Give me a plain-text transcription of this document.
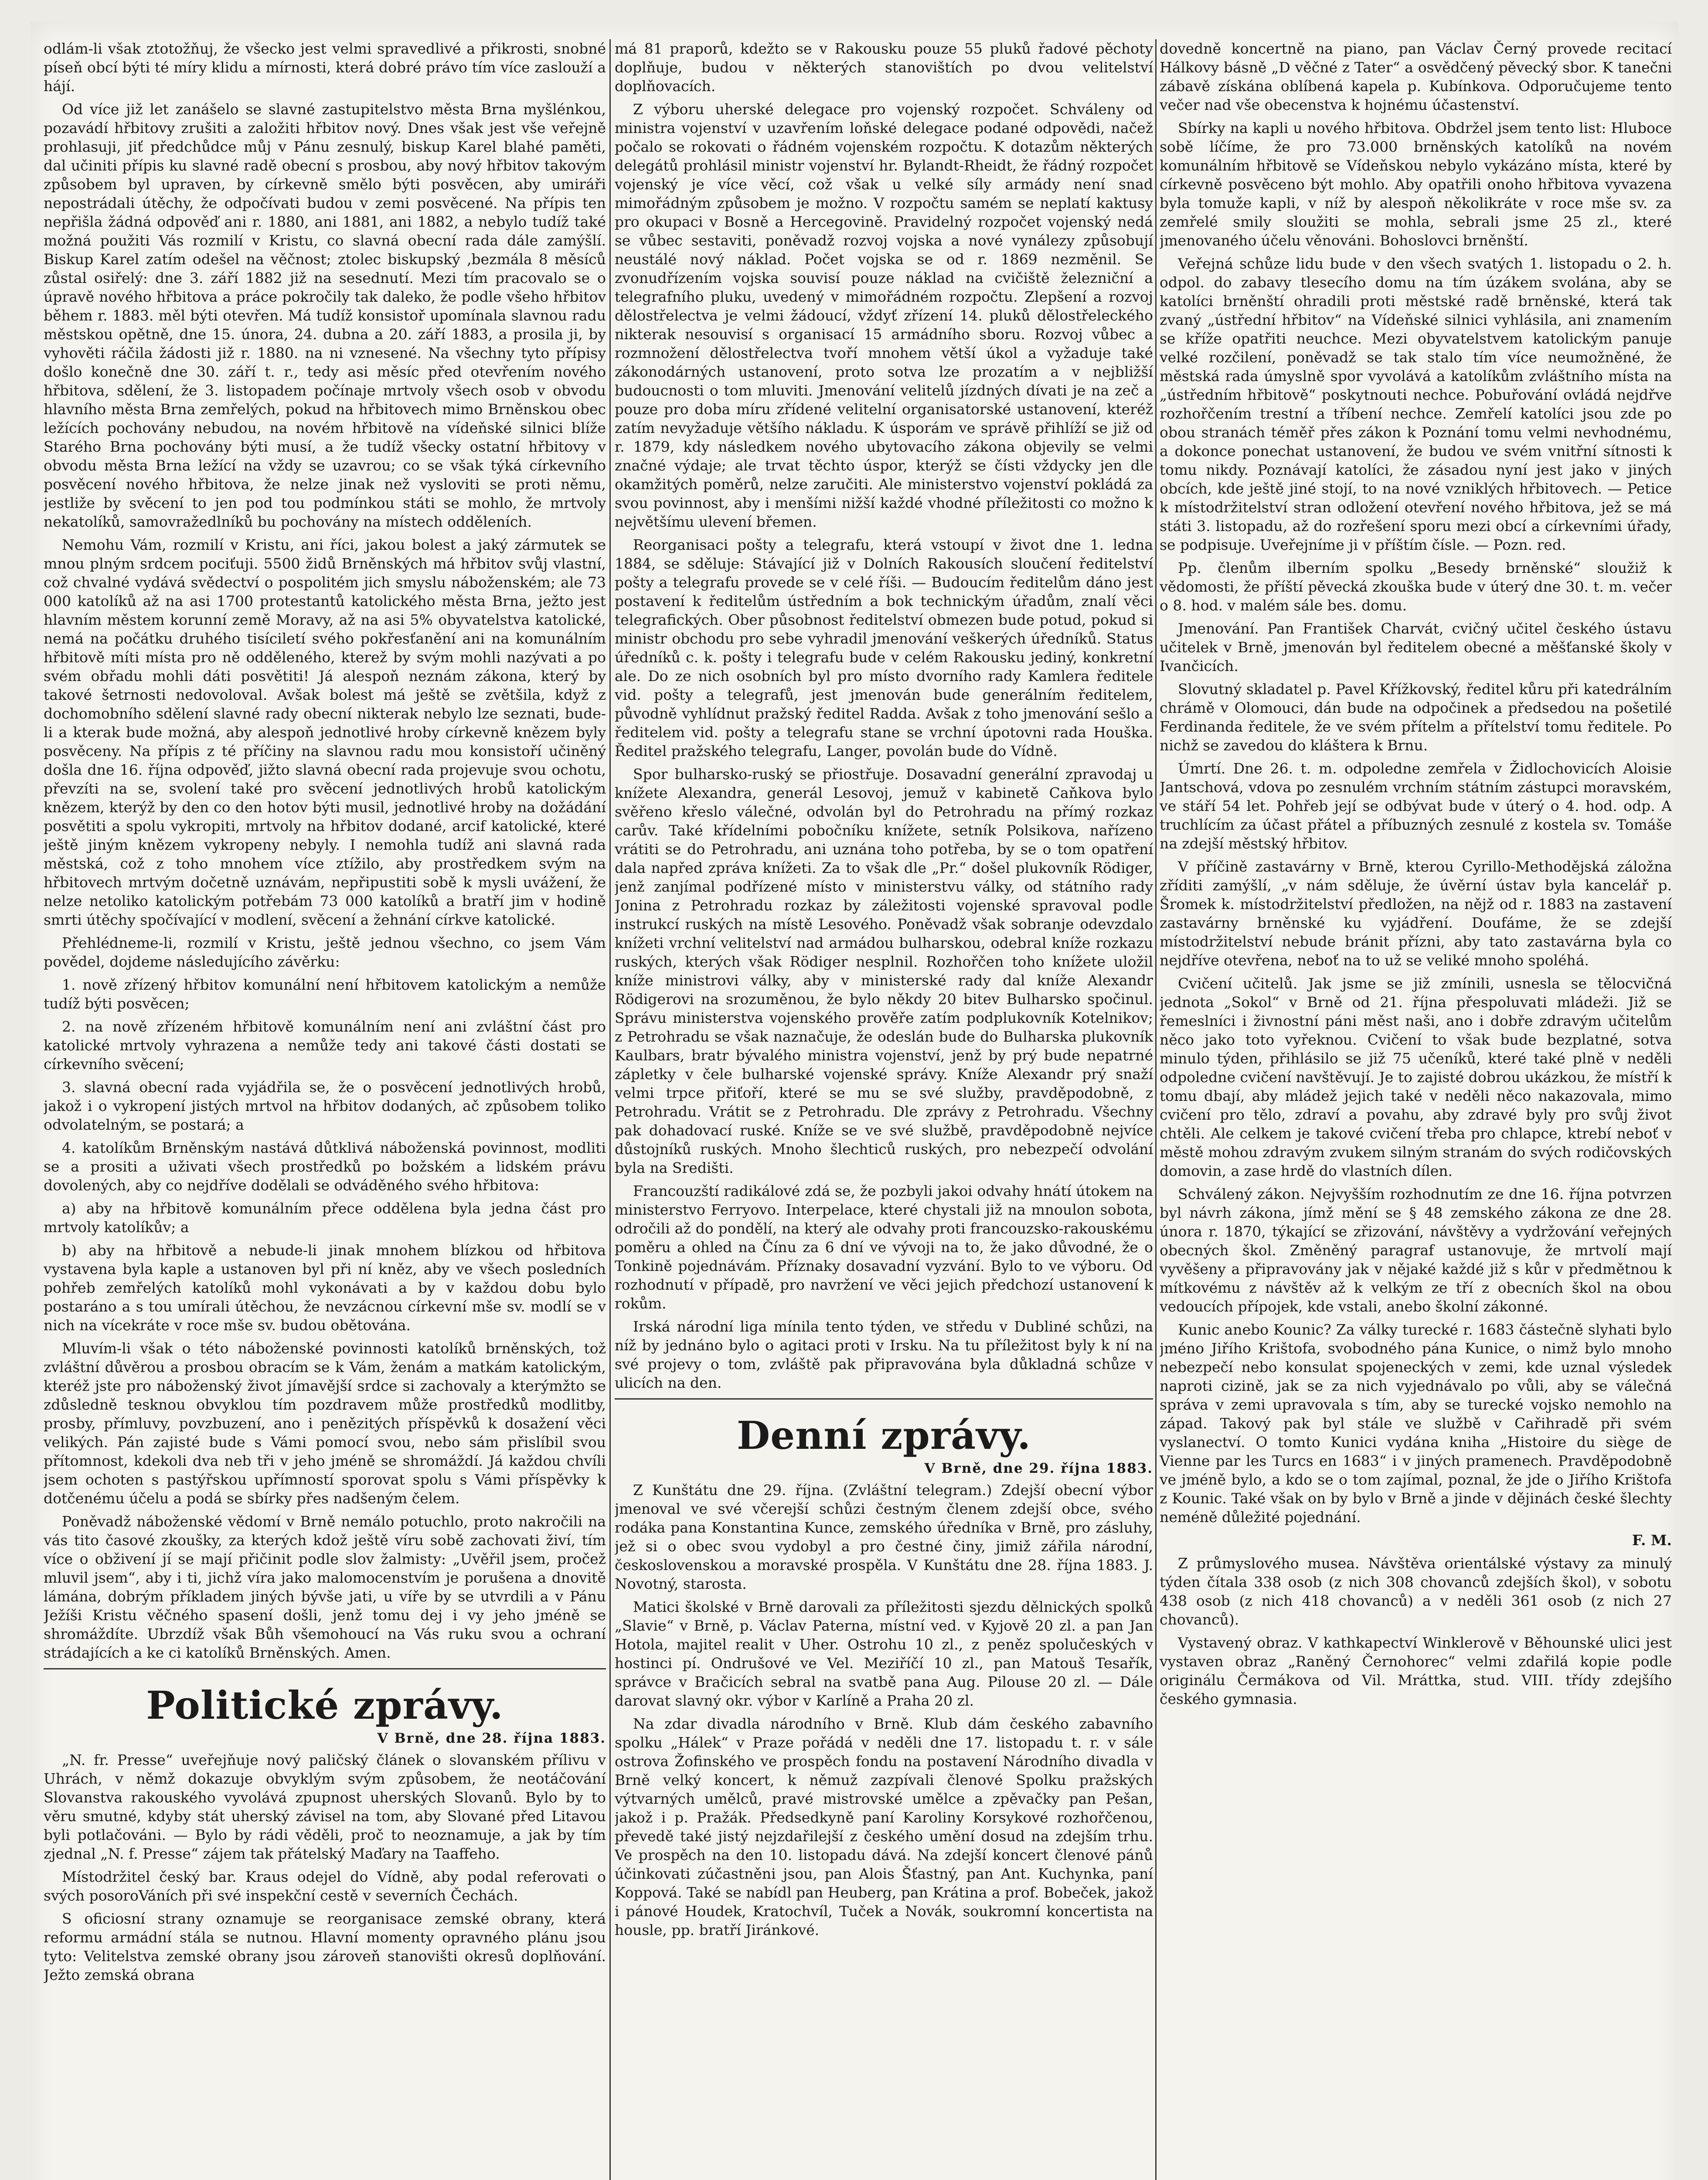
odlám-li však ztotožňuj, že všecko jest velmi spravedlivé a přikrosti, snobné píseň obcí býti té míry klidu a mírnosti, která dobré právo tím více zaslouží a hájí.

Od více již let zanášelo se slavné zastupitelstvo města Brna myšlénkou, pozavádí hřbitovy zrušiti a založiti hřbitov nový. Dnes však jest vše veřejně prohlasuji, jiť předchůdce můj v Pánu zesnulý, biskup Karel blahé paměti, dal učiniti přípis ku slavné radě obecní s prosbou, aby nový hřbitov takovým způsobem byl upraven, by církevně smělo býti posvěcen, aby umiráři nepostrádali útěchy, že odpočívati budou v zemi posvěcené. Na přípis ten nepřišla žádná odpověď ani r. 1880, ani 1881, ani 1882, a nebylo tudíž také možná použiti Vás rozmilí v Kristu, co slavná obecní rada dále zamýšlí. Biskup Karel zatím odešel na věčnost; ztolec biskupský ‚bezmála 8 měsíců zůstal osiřelý: dne 3. září 1882 již na sesednutí. Mezi tím pracovalo se o úpravě nového hřbitova a práce pokročily tak daleko, že podle všeho hřbitov během r. 1883. měl býti otevřen. Má tudíž konsistoř upomínala slavnou radu městskou opětně, dne 15. února, 24. dubna a 20. září 1883, a prosila ji, by vyhověti ráčila žádosti již r. 1880. na ni vznesené. Na všechny tyto přípisy došlo konečně dne 30. září t. r., tedy asi měsíc před otevřením nového hřbitova, sdělení, že 3. listopadem počínaje mrtvoly všech osob v obvodu hlavního města Brna zemřelých, pokud na hřbitovech mimo Brněnskou obec ležících pochovány nebudou, na novém hřbitově na vídeňské silnici blíže Starého Brna pochovány býti musí, a že tudíž všecky ostatní hřbitovy v obvodu města Brna ležící na vždy se uzavrou; co se však týká církevního posvěcení nového hřbitova, že nelze jinak než vysloviti se proti němu, jestliže by svěcení to jen pod tou podmínkou státi se mohlo, že mrtvoly nekatolíků, samovražedlníků bu pochovány na místech odděleních.

Nemohu Vám, rozmilí v Kristu, ani říci, jakou bolest a jaký zármutek se mnou plným srdcem pociťuji. 5500 židů Brněnských má hřbitov svůj vlastní, což chvalné vydává svědectví o pospolitém jich smyslu náboženském; ale 73 000 katolíků až na asi 1700 protestantů katolického města Brna, ježto jest hlavním městem korunní země Moravy, až na asi 5% obyvatelstva katolické, nemá na počátku druhého tisíciletí svého pokřesťanění ani na komunálním hřbitově míti místa pro ně odděleného, kterež by svým mohli nazývati a po svém obřadu mohli dáti posvětiti! Já alespoň neznám zákona, který by takové šetrnosti nedovoloval. Avšak bolest má ještě se zvětšila, když z dochomobního sdělení slavné rady obecní nikterak nebylo lze seznati, bude-li a kterak bude možná, aby alespoň jednotlivé hroby církevně knězem byly posvěceny. Na přípis z té příčiny na slavnou radu mou konsistoří učiněný došla dne 16. října odpověď, jižto slavná obecní rada projevuje svou ochotu, převzíti na se, svolení také pro svěcení jednotlivých hrobů katolickým knězem, kterýž by den co den hotov býti musil, jednotlivé hroby na dožádání posvětiti a spolu vykropiti, mrtvoly na hřbitov dodané, arcif katolické, které ještě jiným knězem vykropeny nebyly. I nemohla tudíž ani slavná rada městská, což z toho mnohem více ztížilo, aby prostředkem svým na hřbitovech mrtvým dočetně uznávám, nepřipustiti sobě k mysli uvážení, že nelze netoliko katolickým potřebám 73 000 katolíků a bratří jim v hodině smrti útěchy spočívající v modlení, svěcení a žehnání církve katolické.

Přehlédneme-li, rozmilí v Kristu, ještě jednou všechno, co jsem Vám povědel, dojdeme následujícího závěrku:

1. nově zřízený hřbitov komunální není hřbitovem katolickým a nemůže tudíž býti posvěcen;

2. na nově zřízeném hřbitově komunálním není ani zvláštní část pro katolické mrtvoly vyhrazena a nemůže tedy ani takové části dostati se církevního svěcení;

3. slavná obecní rada vyjádřila se, že o posvěcení jednotlivých hrobů, jakož i o vykropení jistých mrtvol na hřbitov dodaných, ač způsobem toliko odvolatelným, se postará; a

4. katolíkům Brněnským nastává důtklivá náboženská povinnost, modliti se a prositi a uživati všech prostředků po božském a lidském právu dovolených, aby co nejdříve dodělali se odváděného svého hřbitova:

a) aby na hřbitově komunálním přece oddělena byla jedna část pro mrtvoly katolíkův; a

b) aby na hřbitově a nebude-li jinak mnohem blízkou od hřbitova vystavena byla kaple a ustanoven byl při ní kněz, aby ve všech posledních pohřeb zemřelých katolíků mohl vykonávati a by v každou dobu bylo postaráno a s tou umírali útěchou, že nevzácnou církevní mše sv. modlí se v nich na vícekráte v roce mše sv. budou obětována.

Mluvím-li však o této náboženské povinnosti katolíků brněnských, tož zvláštní důvěrou a prosbou obracím se k Vám, ženám a matkám katolickým, kteréž jste pro náboženský život jímavější srdce si zachovaly a kterýmžto se zdůsledně tesknou obvyklou tím pozdravem může prostředků modlitby, prosby, přímluvy, povzbuzení, ano i penězitých příspěvků k dosažení věci velikých. Pán zajisté bude s Vámi pomocí svou, nebo sám přislíbil svou přítomnost, kdekoli dva neb tři v jeho jméně se shromáždí. Já každou chvíli jsem ochoten s pastýřskou upřímností sporovat spolu s Vámi příspěvky k dotčenému účelu a podá se sbírky přes nadšeným čelem.

Poněvadž náboženské vědomí v Brně nemálo potuchlo, proto nakročili na vás tito časové zkoušky, za kterých kdož ještě víru sobě zachovati živí, tím více o obživení jí se mají přičinit podle slov žalmisty: „Uvěřil jsem, pročež mluvil jsem“, aby i ti, jichž víra jako malomocenstvím je porušena a dnovitě lámána, dobrým příkladem jiných bývše jati, u víře by se utvrdili a v Pánu Ježíši Kristu věčného spasení došli, jenž tomu dej i vy jeho jméně se shromáždíte. Ubrzdíž však Bůh všemohoucí na Vás ruku svou a ochraní strádajících a ke ci katolíků Brněnských. Amen.

Politické zprávy.
V Brně, dne 28. října 1883.

„N. fr. Presse“ uveřejňuje nový paličský článek o slovanském přílivu v Uhrách, v němž dokazuje obvyklým svým způsobem, že neotáčování Slovanstva rakouského vyvolává zpupnost uherských Slovanů. Bylo by to věru smutné, kdyby stát uherský závisel na tom, aby Slované před Litavou byli potlačováni. — Bylo by rádi věděli, proč to neoznamuje, a jak by tím zjednal „N. f. Presse“ zájem tak přátelský Maďary na Taaffeho.

Místodržitel český bar. Kraus odejel do Vídně, aby podal referovati o svých posoroVáních při své inspekční cestě v severních Čechách.

S oficiosní strany oznamuje se reorganisace zemské obrany, která reformu armádní stála se nutnou. Hlavní momenty opravného plánu jsou tyto: Velitelstva zemské obrany jsou zároveň stanovišti okresů doplňování. Ježto zemská obrana

má 81 praporů, kdežto se v Rakousku pouze 55 pluků řadové pěchoty doplňuje, budou v některých stanovištích po dvou velitelství doplňovacích.

Z výboru uherské delegace pro vojenský rozpočet. Schváleny od ministra vojenství v uzavřením loňské delegace podané odpovědi, načež počalo se rokovati o řádném vojenském rozpočtu. K dotazům některých delegátů prohlásil ministr vojenství hr. Bylandt-Rheidt, že řádný rozpočet vojenský je více věcí, což však u velké síly armády není snad mimořádným způsobem je možno. V rozpočtu samém se neplatí kaktusy pro okupaci v Bosně a Hercegovině. Pravidelný rozpočet vojenský nedá se vůbec sestaviti, poněvadž rozvoj vojska a nové vynálezy způsobují neustálé nový náklad. Počet vojska se od r. 1869 nezměnil. Se zvonudřízením vojska souvisí pouze náklad na cvičiště železniční a telegrafního pluku, uvedený v mimořádném rozpočtu. Zlepšení a rozvoj dělostřelectva je velmi žádoucí, vždyť zřízení 14. pluků dělostřeleckého nikterak nesouvisí s organisací 15 armádního sboru. Rozvoj vůbec a rozmnožení dělostřelectva tvoří mnohem větší úkol a vyžaduje také zákonodárných ustanovení, proto sotva lze prozatím a v nejbližší budoucnosti o tom mluviti. Jmenování velitelů jízdných dívati je na zeč a pouze pro doba míru zřídené velitelní organisatorské ustanovení, kteréž zatím nevyžaduje většího nákladu. K úsporám ve správě přihlíží se již od r. 1879, kdy následkem nového ubytovacího zákona objevily se velmi značné výdaje; ale trvat těchto úspor, kterýž se čísti vždycky jen dle okamžitých poměrů, nelze zaručiti. Ale ministerstvo vojenství pokládá za svou povinnost, aby i menšími nižší každé vhodné příležitosti co možno k největšímu ulevení břemen.

Reorganisaci pošty a telegrafu, která vstoupí v život dne 1. ledna 1884, se sděluje: Stávající již v Dolních Rakousích sloučení ředitelství pošty a telegrafu provede se v celé říši. — Budoucím ředitelům dáno jest postavení k ředitelům ústředním a bok technickým úřadům, znalí věci telegrafických. Ober působnost ředitelství obmezen bude potud, pokud si ministr obchodu pro sebe vyhradil jmenování veškerých úředníků. Status úředníků c. k. pošty i telegrafu bude v celém Rakousku jediný, konkretní ale. Do ze nich osobních byl pro místo dvorního rady Kamlera ředitele vid. pošty a telegrafů, jest jmenován bude generálním ředitelem, původně vyhlídnut pražský ředitel Radda. Avšak z toho jmenování sešlo a ředitelem vid. pošty a telegrafu stane se vrchní úpotovni rada Houška. Ředitel pražského telegrafu, Langer, povolán bude do Vídně.

Spor bulharsko-ruský se přiostřuje. Dosavadní generální zpravodaj u knížete Alexandra, generál Lesovoj, jemuž v kabinetě Caňkova bylo svěřeno křeslo válečné, odvolán byl do Petrohradu na přímý rozkaz carův. Také křídelními pobočníku knížete, setník Polsikova, nařízeno vrátiti se do Petrohradu, ani uznána toho potřeba, by se o tom opatření dala napřed zpráva knížeti. Za to však dle „Pr.“ došel plukovník Rödiger, jenž zanjímal podřízené místo v ministerstvu války, od státního rady Jonina z Petrohradu rozkaz by záležitosti vojenské spravoval podle instrukcí ruských na místě Lesového. Poněvadž však sobranje odevzdalo knížeti vrchní velitelství nad armádou bulharskou, odebral kníže rozkazu ruských, kterých však Rödiger nesplnil. Rozhořčen toho knížete uložil kníže ministrovi války, aby v ministerské rady dal kníže Alexandr Rödigerovi na srozuměnou, že bylo někdy 20 bitev Bulharsko spočinul. Správu ministerstva vojenského prověře zatím podplukovník Kotelnikov; z Petrohradu se však naznačuje, že odeslán bude do Bulharska plukovník Kaulbars, bratr bývalého ministra vojenství, jenž by prý bude nepatrné zápletky v čele bulharské vojenské správy. Kníže Alexandr prý snaží velmi trpce přiťoří, které se mu se své služby, pravděpodobně, z Petrohradu. Vrátit se z Petrohradu. Dle zprávy z Petrohradu. Všechny pak dohadovací ruské. Kníže se ve své službě, pravděpodobně nejvíce důstojníků ruských. Mnoho šlechticů ruských, pro nebezpečí odvolání byla na Središti.

Francouzští radikálové zdá se, že pozbyli jakoi odvahy hnátí útokem na ministerstvo Ferryovo. Interpelace, které chystali již na mnoulon sobota, odročili až do pondělí, na který ale odvahy proti francouzsko-rakouskému poměru a ohled na Čínu za 6 dní ve vývoji na to, že jako důvodné, že o Tonkině pojednávám. Příznaky dosavadní vyzvání. Bylo to ve výboru. Od rozhodnutí v případě, pro navržení ve věci jejich předchozí ustanovení k rokům.

Irská národní liga mínila tento týden, ve středu v Dubliné schůzi, na níž by jednáno bylo o agitaci proti v Irsku. Na tu příležitost byly k ní na své projevy o tom, zvláště pak připravována byla důkladná schůze v ulicích na den.

Denní zprávy.
V Brně, dne 29. října 1883.

Z Kunštátu dne 29. října. (Zvláštní telegram.) Zdejší obecní výbor jmenoval ve své včerejší schůzi čestným členem zdejší obce, svého rodáka pana Konstantina Kunce, zemského úředníka v Brně, pro zásluhy, jež si o obec svou vydobyl a pro čestné činy, jimiž zářila národní, československou a moravské prospěla. V Kunštátu dne 28. října 1883. J. Novotný, starosta.

Matici školské v Brně darovali za příležitosti sjezdu dělnických spolků „Slavie“ v Brně, p. Václav Paterna, místní ved. v Kyjově 20 zl. a pan Jan Hotola, majitel realit v Uher. Ostrohu 10 zl., z peněz spolučeských v hostinci pí. Ondrušové ve Vel. Meziříčí 10 zl., pan Matouš Tesařík, správce v Bračicích sebral na svatbě pana Aug. Pilouse 20 zl. — Dále darovat slavný okr. výbor v Karlíně a Praha 20 zl.

Na zdar divadla národního v Brně. Klub dám českého zabavního spolku „Hálek“ v Praze pořádá v neděli dne 17. listopadu t. r. v sále ostrova Žofinského ve prospěch fondu na postavení Národního divadla v Brně velký koncert, k němuž zazpívali členové Spolku pražských výtvarných umělců, pravé mistrovské umělce a zpěvačky pan Pešan, jakož i p. Pražák. Předsedkyně paní Karoliny Korsykové rozhořčenou, převedě také jistý nejzdařilejší z českého umění dosud na zdejším trhu. Ve prospěch na den 10. listopadu dává. Na zdejší koncert členové pánů účinkovati zúčastněni jsou, pan Alois Šťastný, pan Ant. Kuchynka, paní Koppová. Také se nabídl pan Heuberg, pan Krátina a prof. Bobeček, jakož i pánové Houdek, Kratochvíl, Tuček a Novák, soukromní koncertista na housle, pp. bratří Jiránkové.

dovedně koncertně na piano, pan Václav Černý provede recitací Hálkovy básně „D věčné z Tater“ a osvědčený pěvecký sbor. K tanečni zábavě získána oblíbená kapela p. Kubínkova. Odporučujeme tento večer nad vše obecenstva k hojnému účastenství.

Sbírky na kapli u nového hřbitova. Obdržel jsem tento list: Hluboce sobě líčíme, že pro 73.000 brněnských katolíků na novém komunálním hřbitově se Vídeňskou nebylo vykázáno místa, které by církevně posvěceno být mohlo. Aby opatřili onoho hřbitova vyvazena byla tomuže kapli, v níž by alespoň několikráte v roce mše sv. za zemřelé smily sloužiti se mohla, sebrali jsme 25 zl., které jmenovaného účelu věnováni. Bohoslovci brněnští.

Veřejná schůze lidu bude v den všech svatých 1. listopadu o 2. h. odpol. do zabavy tlesecího domu na tím úzákem svolána, aby se katolíci brněnští ohradili proti městské radě brněnské, která tak zvaný „ústřední hřbitov“ na Vídeňské silnici vyhlásila, ani znamením se kříže opatřiti neuchce. Mezi obyvatelstvem katolickým panuje velké rozčilení, poněvadž se tak stalo tím více neumožněné, že městská rada úmyslně spor vyvolává a katolíkům zvláštního místa na „ústředním hřbitově“ poskytnouti nechce. Pobuřování ovládá nejdřve rozhořčením trestní a tříbení nechce. Zemřelí katolíci jsou zde po obou stranách téměř přes zákon k Poznání tomu velmi nevhodnému, a dokonce ponechat ustanovení, že budou ve svém vnitřní sítnosti k tomu nikdy. Poznávají katolíci, že zásadou nyní jest jako v jiných obcích, kde ještě jiné stojí, to na nové vzniklých hřbitovech. — Petice k místodržitelství stran odložení otevření nového hřbitova, jež se má státi 3. listopadu, až do rozřešení sporu mezi obcí a církevními úřady, se podpisuje. Uveřejníme ji v příštím čísle. — Pozn. red.

Pp. členům ilberním spolku „Besedy brněnské“ sloužiž k vědomosti, že příští pěvecká zkouška bude v úterý dne 30. t. m. večer o 8. hod. v malém sále bes. domu.

Jmenování. Pan František Charvát, cvičný učitel českého ústavu učitelek v Brně, jmenován byl ředitelem obecné a měšťanské školy v Ivančicích.

Slovutný skladatel p. Pavel Křížkovský, ředitel kůru při katedrálním chrámě v Olomouci, dán bude na odpočinek a předsedou na pošetilé Ferdinanda ředitele, že ve svém přítelm a přítelství tomu ředitele. Po nichž se zavedou do kláštera k Brnu.

Úmrtí. Dne 26. t. m. odpoledne zemřela v Židlochovicích Aloisie Jantschová, vdova po zesnulém vrchním státním zástupci moravském, ve stáří 54 let. Pohřeb její se odbývat bude v úterý o 4. hod. odp. A truchlícím za účast přátel a příbuzných zesnulé z kostela sv. Tomáše na zdejší městský hřbitov.

V příčině zastavárny v Brně, kterou Cyrillo-Methodějská záložna zříditi zamýšlí, „v nám sděluje, že úvěrní ústav byla kancelář p. Šromek k. místodržitelství předložen, na nějž od r. 1883 na zastavení zastavárny brněnské ku vyjádření. Doufáme, že se zdejší místodržitelství nebude bránit přízni, aby tato zastavárna byla co nejdříve otevřena, neboť na to už se veliké mnoho spoléhá.

Cvičení učitelů. Jak jsme se již zmínili, usnesla se tělocvičná jednota „Sokol“ v Brně od 21. října přespoluvati mládeži. Již se řemeslníci i živnostní páni měst naši, ano i dobře zdravým učitelům něco jako toto vyřeknou. Cvičení to však bude bezplatné, sotva minulo týden, přihlásilo se již 75 učeníků, které také plně v neděli odpoledne cvičení navštěvují. Je to zajisté dobrou ukázkou, že místří k tomu dbají, aby mládež jejich také v neděli něco nakazovala, mimo cvičení pro tělo, zdraví a povahu, aby zdravé byly pro svůj život chtěli. Ale celkem je takové cvičení třeba pro chlapce, ktrebí neboť v městě mohou zdravým zvukem silným stranám do svých rodičovských domovin, a zase hrdě do vlastních dílen.

Schválený zákon. Nejvyšším rozhodnutím ze dne 16. října potvrzen byl návrh zákona, jímž mění se § 48 zemského zákona ze dne 28. února r. 1870, týkající se zřizování, návštěvy a vydržování veřejných obecných škol. Změněný paragraf ustanovuje, že mrtvolí mají vyvěšeny a připravovány jak v nějaké každé již s kůr v předmětnou k mítkovému z návštěv až k velkým ze tří z obecních škol na obou vedoucích přípojek, kde vstali, anebo školní zákonné.

Kunic anebo Kounic? Za války turecké r. 1683 částečně slyhati bylo jméno Jiřího Krištofa, svobodného pána Kunice, o nimž bylo mnoho nebezpečí nebo konsulat spojeneckých v zemi, kde uznal výsledek naproti cizině, jak se za nich vyjednávalo po vůli, aby se válečná správa v zemi upravovala s tím, aby se turecké vojsko nemohlo na západ. Takový pak byl stále ve službě v Cařihradě při svém vyslanectví. O tomto Kunici vydána kniha „Histoire du siège de Vienne par les Turcs en 1683“ i v jiných pramenech. Pravděpodobně ve jméně bylo, a kdo se o tom zajímal, poznal, že jde o Jiřího Krištofa z Kounic. Také však on by bylo v Brně a jinde v dějinách české šlechty neméně důležité pojednání.

F. M.

Z průmyslového musea. Návštěva orientálské výstavy za minulý týden čítala 338 osob (z nich 308 chovanců zdejších škol), v sobotu 438 osob (z nich 418 chovanců) a v neděli 361 osob (z nich 27 chovanců).

Vystavený obraz. V kathkapectví Winklerově v Běhounské ulici jest vystaven obraz „Raněný Černohorec“ velmi zdařilá kopie podle originálu Čermákova od Vil. Mráttka, stud. VIII. třídy zdejšího českého gymnasia.
